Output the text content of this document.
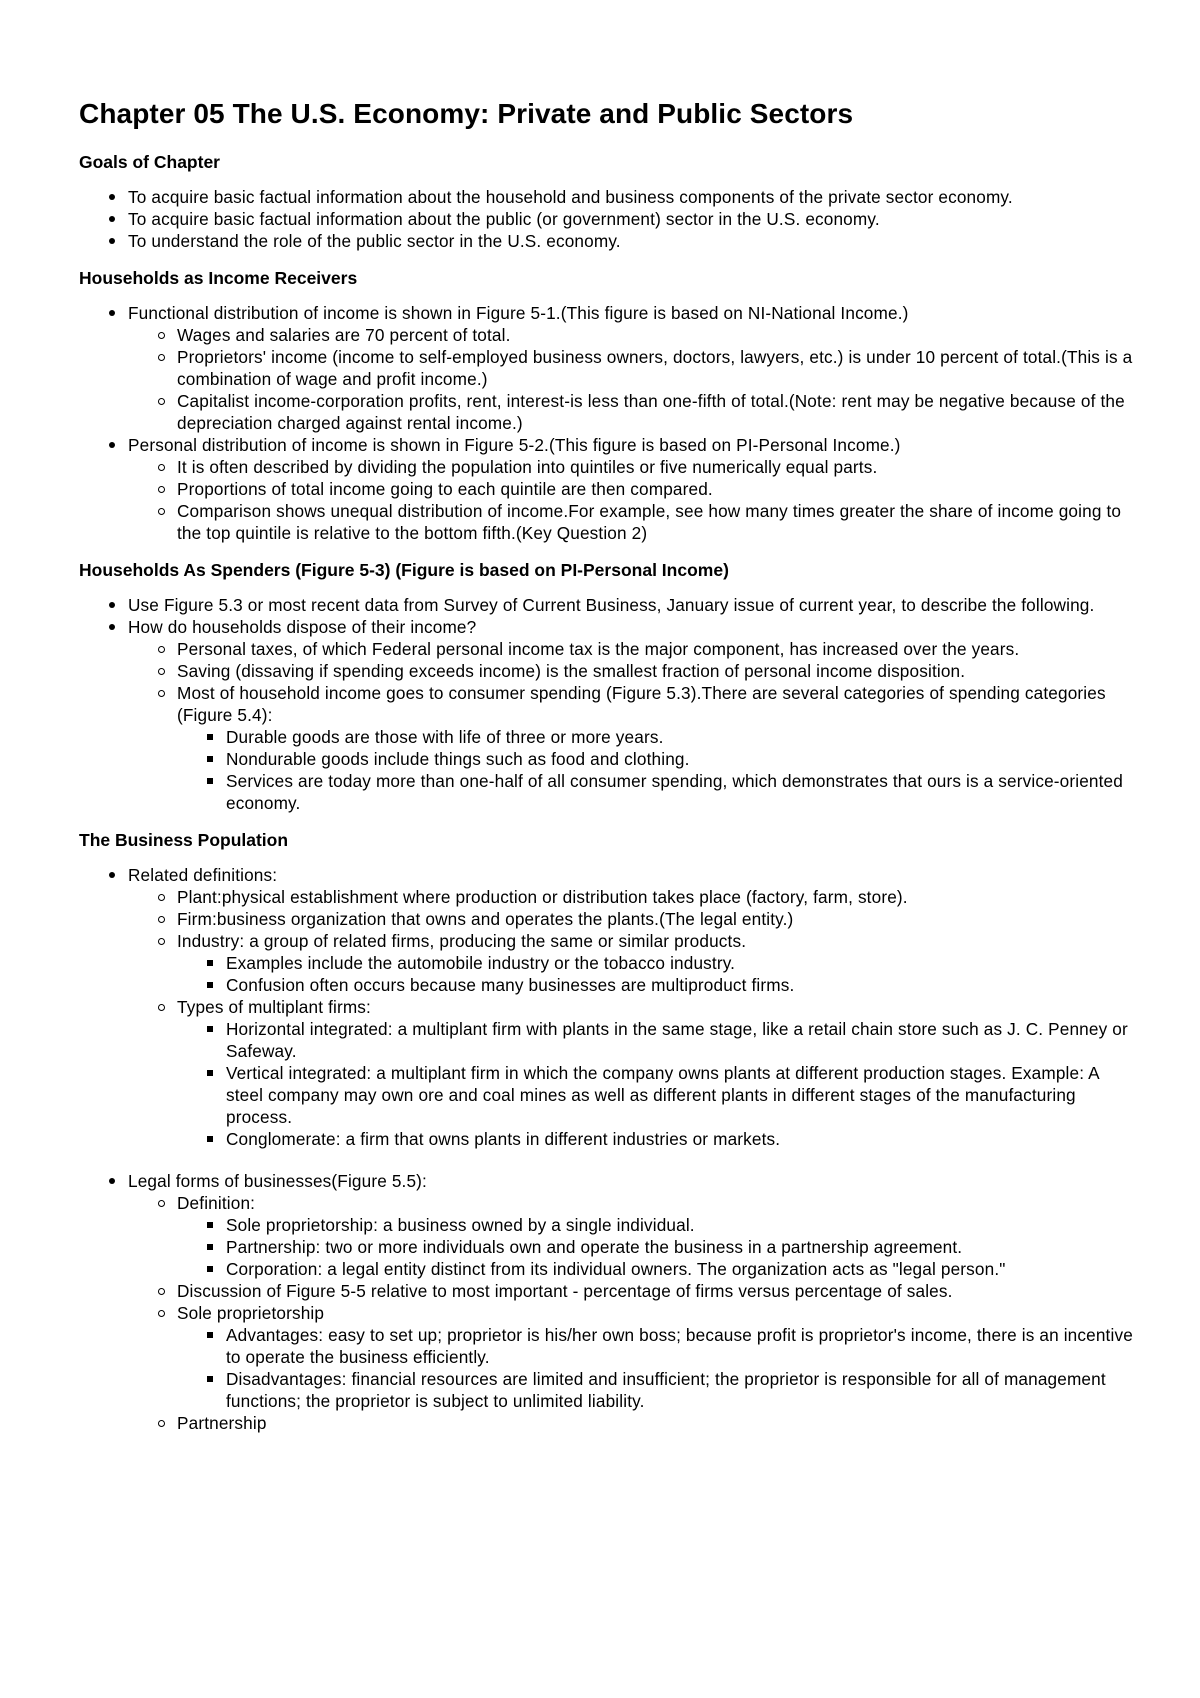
Chapter 05 The U.S. Economy: Private and Public Sectors
Goals of Chapter
To acquire basic factual information about the household and business components of the private sector economy.
To acquire basic factual information about the public (or government) sector in the U.S. economy.
To understand the role of the public sector in the U.S. economy.
Households as Income Receivers
Functional distribution of income is shown in Figure 5-1.(This figure is based on NI-National Income.)
Wages and salaries are 70 percent of total.
Proprietors' income (income to self-employed business owners, doctors, lawyers, etc.) is under 10 percent of total.(This is a combination of wage and profit income.)
Capitalist income-corporation profits, rent, interest-is less than one-fifth of total.(Note: rent may be negative because of the depreciation charged against rental income.)
Personal distribution of income is shown in Figure 5-2.(This figure is based on PI-Personal Income.)
It is often described by dividing the population into quintiles or five numerically equal parts.
Proportions of total income going to each quintile are then compared.
Comparison shows unequal distribution of income.For example, see how many times greater the share of income going to the top quintile is relative to the bottom fifth.(Key Question 2)
Households As Spenders (Figure 5-3) (Figure is based on PI-Personal Income)
Use Figure 5.3 or most recent data from Survey of Current Business, January issue of current year, to describe the following.
How do households dispose of their income?
Personal taxes, of which Federal personal income tax is the major component, has increased over the years.
Saving (dissaving if spending exceeds income) is the smallest fraction of personal income disposition.
Most of household income goes to consumer spending (Figure 5.3).There are several categories of spending categories (Figure 5.4):
Durable goods are those with life of three or more years.
Nondurable goods include things such as food and clothing.
Services are today more than one-half of all consumer spending, which demonstrates that ours is a service-oriented economy.
The Business Population
Related definitions:
Plant:physical establishment where production or distribution takes place (factory, farm, store).
Firm:business organization that owns and operates the plants.(The legal entity.)
Industry: a group of related firms, producing the same or similar products.
Examples include the automobile industry or the tobacco industry.
Confusion often occurs because many businesses are multiproduct firms.
Types of multiplant firms:
Horizontal integrated: a multiplant firm with plants in the same stage, like a retail chain store such as J. C. Penney or Safeway.
Vertical integrated: a multiplant firm in which the company owns plants at different production stages. Example: A steel company may own ore and coal mines as well as different plants in different stages of the manufacturing process.
Conglomerate: a firm that owns plants in different industries or markets.
Legal forms of businesses(Figure 5.5):
Definition:
Sole proprietorship: a business owned by a single individual.
Partnership: two or more individuals own and operate the business in a partnership agreement.
Corporation: a legal entity distinct from its individual owners. The organization acts as "legal person."
Discussion of Figure 5-5 relative to most important - percentage of firms versus percentage of sales.
Sole proprietorship
Advantages: easy to set up; proprietor is his/her own boss; because profit is proprietor's income, there is an incentive to operate the business efficiently.
Disadvantages: financial resources are limited and insufficient; the proprietor is responsible for all of management functions; the proprietor is subject to unlimited liability.
Partnership
